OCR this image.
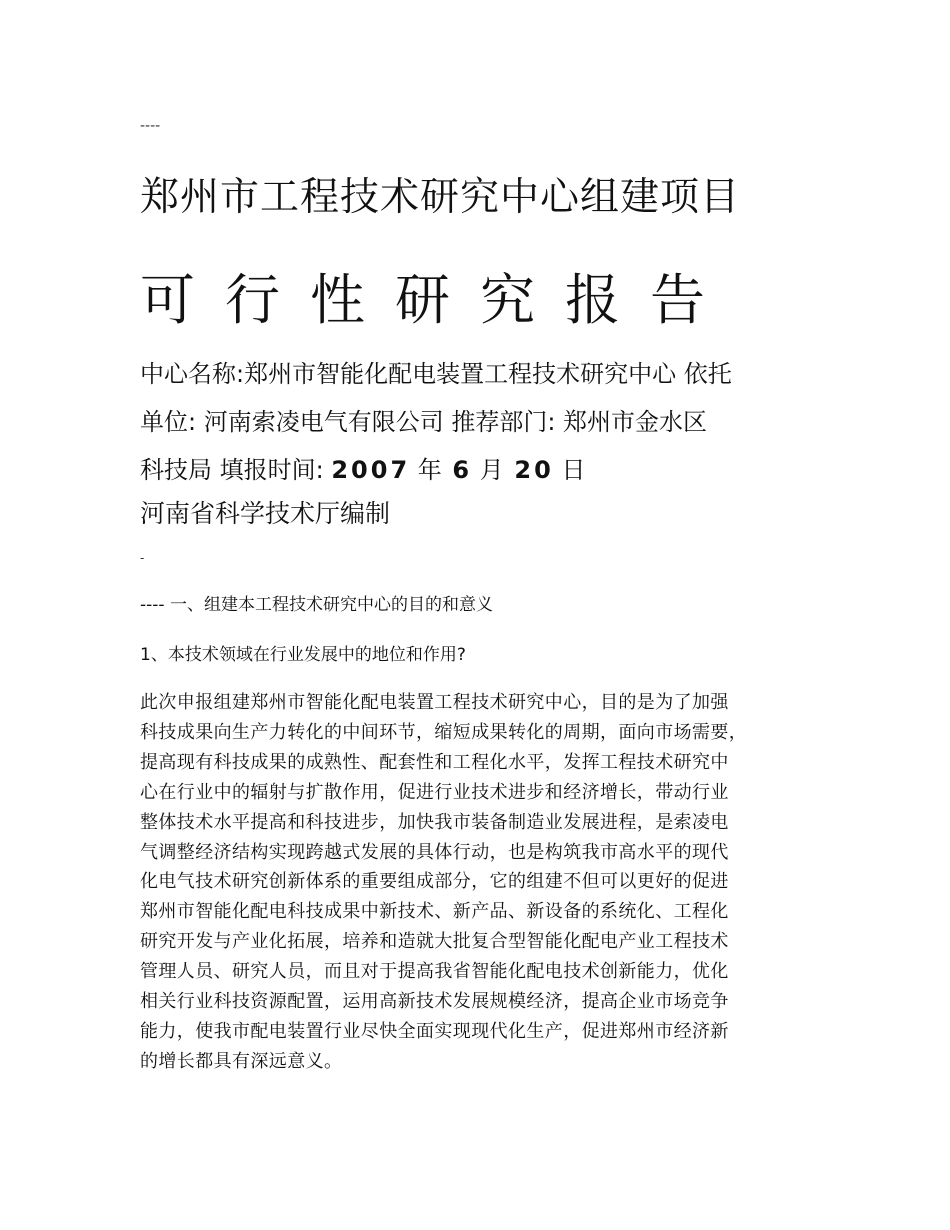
----
郑州市工程技术研究中心组建项目
可行性研究报告
中心名称:郑州市智能化配电装置工程技术研究中心 依托
单位: 河南索凌电气有限公司 推荐部门: 郑州市金水区
科技局 填报时间: 2007 年 6 月 20 日
河南省科学技术厅编制
-
---- 一、组建本工程技术研究中心的目的和意义
1、本技术领域在行业发展中的地位和作用?
此次申报组建郑州市智能化配电装置工程技术研究中心，目的是为了加强
科技成果向生产力转化的中间环节，缩短成果转化的周期，面向市场需要，
提高现有科技成果的成熟性、配套性和工程化水平，发挥工程技术研究中
心在行业中的辐射与扩散作用，促进行业技术进步和经济增长，带动行业
整体技术水平提高和科技进步，加快我市装备制造业发展进程，是索凌电
气调整经济结构实现跨越式发展的具体行动，也是构筑我市高水平的现代
化电气技术研究创新体系的重要组成部分，它的组建不但可以更好的促进
郑州市智能化配电科技成果中新技术、新产品、新设备的系统化、工程化
研究开发与产业化拓展，培养和造就大批复合型智能化配电产业工程技术
管理人员、研究人员，而且对于提高我省智能化配电技术创新能力，优化
相关行业科技资源配置，运用高新技术发展规模经济，提高企业市场竞争
能力，使我市配电装置行业尽快全面实现现代化生产，促进郑州市经济新
的增长都具有深远意义。
